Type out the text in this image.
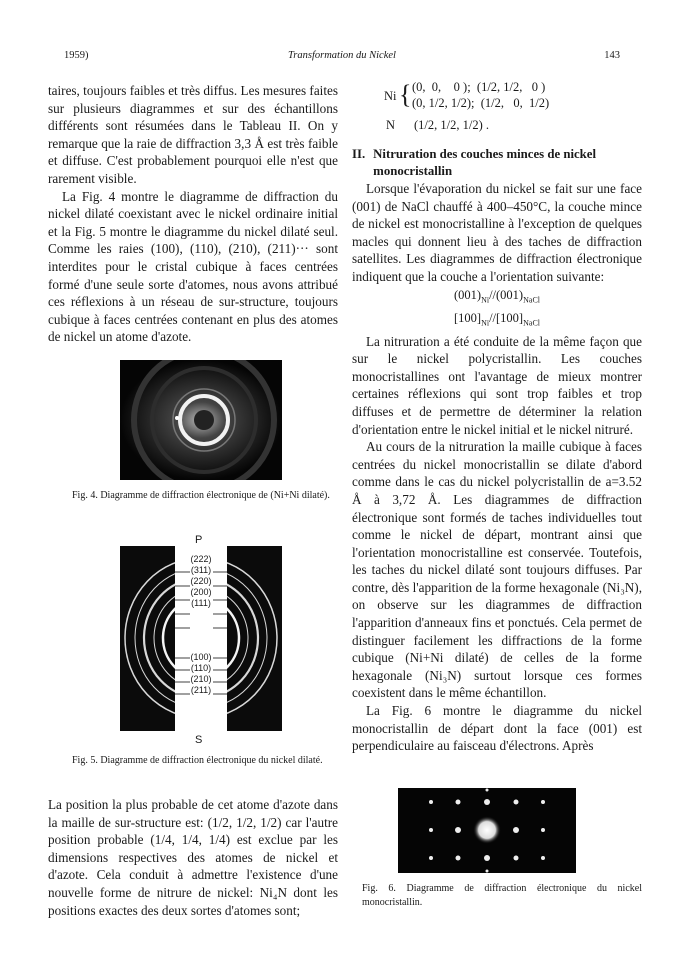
1959)	Transformation du Nickel	143

taires, toujours faibles et très diffus. Les mesures faites sur plusieurs diagrammes et sur des échantillons différents sont résumées dans le Tableau II. On y remarque que la raie de diffraction 3,3 Å est très faible et diffuse. C'est probablement pourquoi elle n'est que rarement visible.

La Fig. 4 montre le diagramme de diffraction du nickel dilaté coexistant avec le nickel ordinaire initial et la Fig. 5 montre le diagramme du nickel dilaté seul. Comme les raies (100), (110), (210), (211)··· sont interdites pour le cristal cubique à faces centrées formé d'une seule sorte d'atomes, nous avons attribué ces réflexions à un réseau de sur-structure, toujours cubique à faces centrées contenant en plus des atomes de nickel un atome d'azote.

Fig. 4. Diagramme de diffraction électronique de (Ni+Ni dilaté).
P
S
(222)
(311)
(220)
(200)
(111)
(100)
(110)
(210)
(211)
Fig. 5. Diagramme de diffraction électronique du nickel dilaté.

La position la plus probable de cet atome d'azote dans la maille de sur-structure est: (1/2, 1/2, 1/2) car l'autre position probable (1/4, 1/4, 1/4) est exclue par les dimensions respectives des atomes de nickel et d'azote. Cela conduit à admettre l'existence d'une nouvelle forme de nitrure de nickel: Ni₄N dont les positions exactes des deux sortes d'atomes sont;

Ni { (0,  0,    0 );  (1/2, 1/2,   0 )
(0, 1/2, 1/2);  (1/2,   0,  1/2)
N (1/2, 1/2, 1/2) .
II. Nitruration des couches minces de nickel monocristallin

Lorsque l'évaporation du nickel se fait sur une face (001) de NaCl chauffé à 400–450°C, la couche mince de nickel est monocristalline à l'exception de quelques macles qui donnent lieu à des taches de diffraction satellites. Les diagrammes de diffraction électronique indiquent que la couche a l'orientation suivante:

$(001)_{Ni}//(001)_{NaCl}$
$[100]_{Ni}//[100]_{NaCl}$

La nitruration a été conduite de la même façon que sur le nickel polycristallin. Les couches monocristallines ont l'avantage de mieux montrer certaines réflexions qui sont trop faibles et trop diffuses et de permettre de déterminer la relation d'orientation entre le nickel initial et le nickel nitruré.

Au cours de la nitruration la maille cubique à faces centrées du nickel monocristallin se dilate d'abord comme dans le cas du nickel polycristallin de a=3.52 Å à 3,72 Å. Les diagrammes de diffraction électronique sont formés de taches individuelles tout comme le nickel de départ, montrant ainsi que l'orientation monocristalline est conservée. Toutefois, les taches du nickel dilaté sont toujours diffuses. Par contre, dès l'apparition de la forme hexagonale (Ni₃N), on observe sur les diagrammes de diffraction l'apparition d'anneaux fins et ponctués. Cela permet de distinguer facilement les diffractions de la forme cubique (Ni+Ni dilaté) de celles de la forme hexagonale (Ni₃N) surtout lorsque ces formes coexistent dans le même échantillon.

La Fig. 6 montre le diagramme du nickel monocristallin de départ dont la face (001) est perpendiculaire au faisceau d'électrons. Après

Fig. 6. Diagramme de diffraction électronique du nickel monocristallin.
